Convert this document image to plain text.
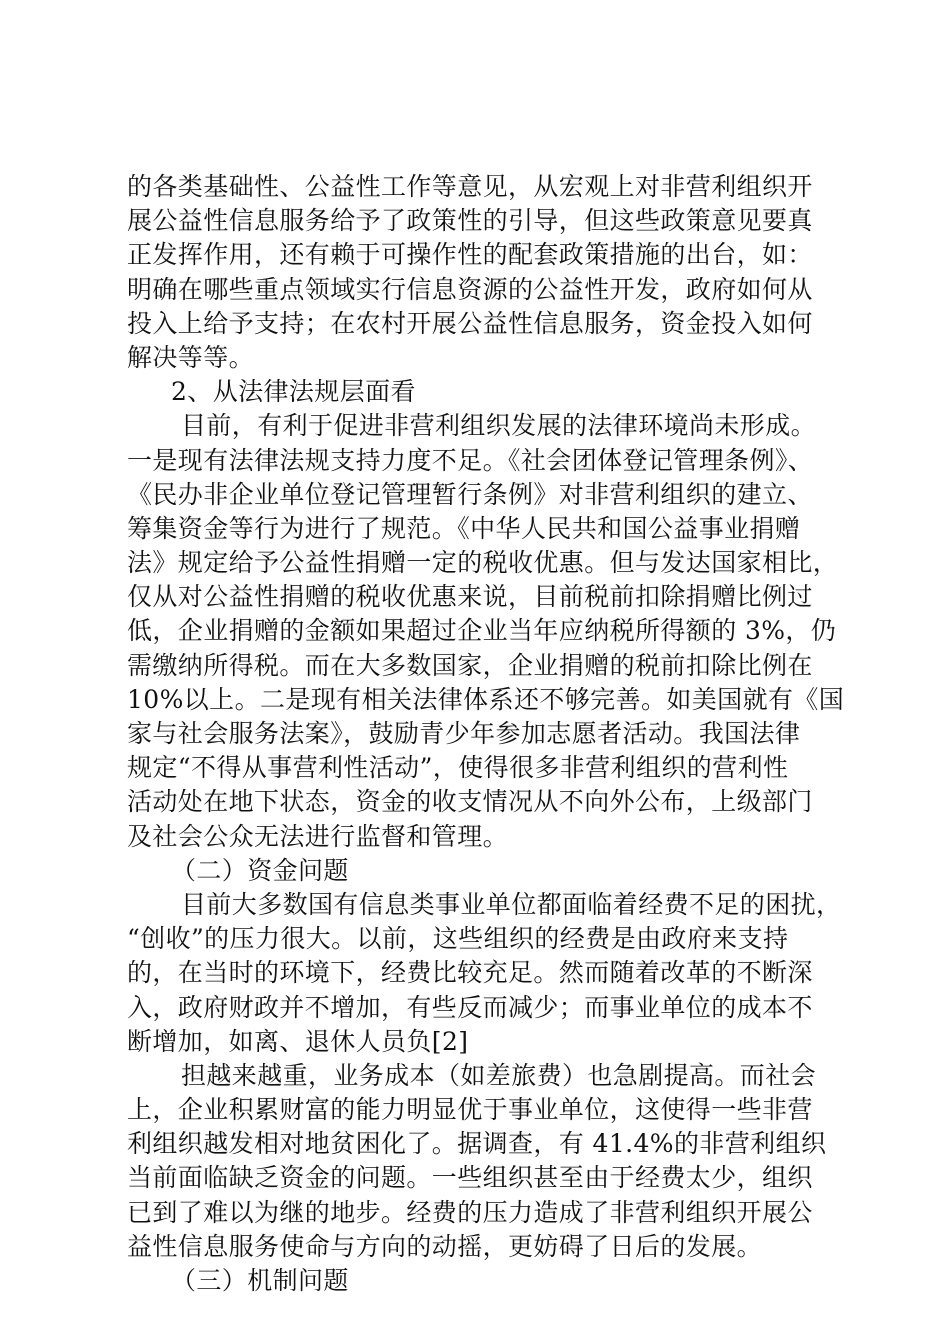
的各类基础性、公益性工作等意见，从宏观上对非营利组织开
展公益性信息服务给予了政策性的引导，但这些政策意见要真
正发挥作用，还有赖于可操作性的配套政策措施的出台，如：
明确在哪些重点领域实行信息资源的公益性开发，政府如何从
投入上给予支持；在农村开展公益性信息服务，资金投入如何
解决等等。
2、从法律法规层面看
目前，有利于促进非营利组织发展的法律环境尚未形成。
一是现有法律法规支持力度不足。《社会团体登记管理条例》、
《民办非企业单位登记管理暂行条例》对非营利组织的建立、
筹集资金等行为进行了规范。《中华人民共和国公益事业捐赠
法》规定给予公益性捐赠一定的税收优惠。但与发达国家相比，
仅从对公益性捐赠的税收优惠来说，目前税前扣除捐赠比例过
低，企业捐赠的金额如果超过企业当年应纳税所得额的 3%，仍
需缴纳所得税。而在大多数国家，企业捐赠的税前扣除比例在
10%以上。二是现有相关法律体系还不够完善。如美国就有《国
家与社会服务法案》，鼓励青少年参加志愿者活动。我国法律
规定“不得从事营利性活动”，使得很多非营利组织的营利性
活动处在地下状态，资金的收支情况从不向外公布，上级部门
及社会公众无法进行监督和管理。
（二）资金问题
目前大多数国有信息类事业单位都面临着经费不足的困扰，
“创收”的压力很大。以前，这些组织的经费是由政府来支持
的，在当时的环境下，经费比较充足。然而随着改革的不断深
入，政府财政并不增加，有些反而减少；而事业单位的成本不
断增加，如离、退休人员负[2]
担越来越重，业务成本（如差旅费）也急剧提高。而社会
上，企业积累财富的能力明显优于事业单位，这使得一些非营
利组织越发相对地贫困化了。据调查，有 41.4%的非营利组织
当前面临缺乏资金的问题。一些组织甚至由于经费太少，组织
已到了难以为继的地步。经费的压力造成了非营利组织开展公
益性信息服务使命与方向的动摇，更妨碍了日后的发展。
（三）机制问题
